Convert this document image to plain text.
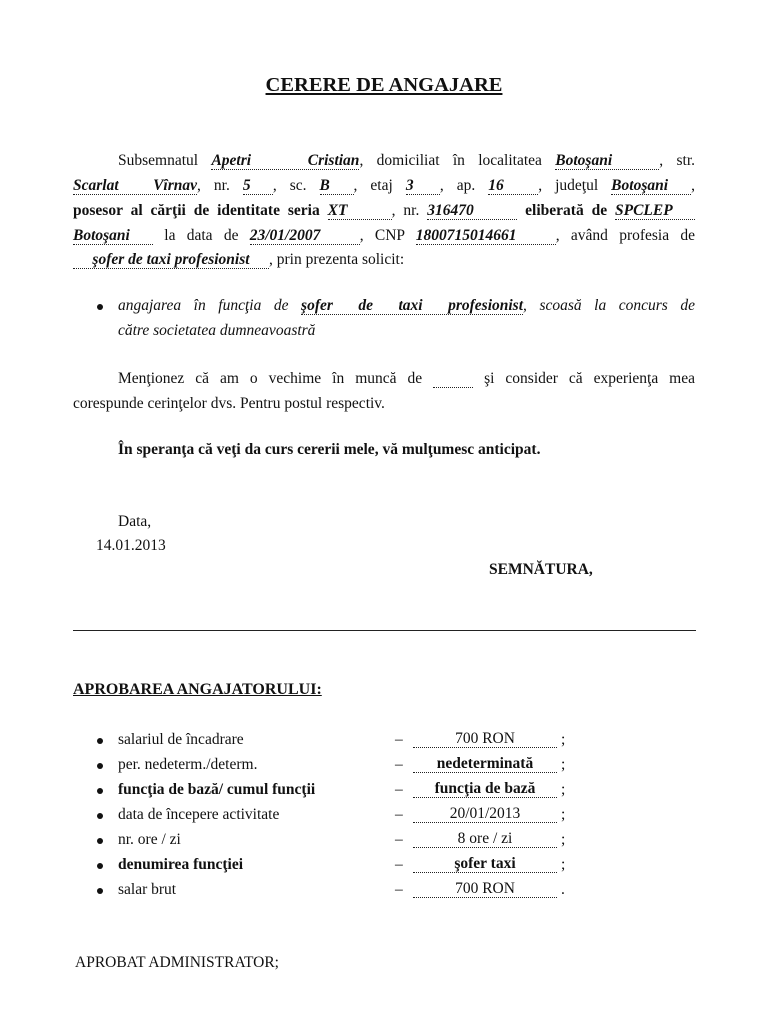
CERERE DE ANGAJARE
Subsemnatul Apetri Cristian, domiciliat în localitatea Botoşani	, str.
Scarlat Vîrnav, nr. 5 , sc. B , etaj 3 , ap. 16 , judeţul Botoşani ,
posesor al cărţii de identitate seria XT	, nr. 316470	eliberată de SPCLEP
Botoşani la data de 23/01/2007	, CNP 1800715014661	, având profesia de
şofer de taxi profesionist , prin prezenta solicit:
angajarea în funcţia de şofer de taxi profesionist, scoasă la concurs de
către societatea dumneavoastră
Menţionez că am o vechime în muncă de	şi consider că experienţa mea
corespunde cerinţelor dvs. Pentru postul respectiv.
În speranţa că veţi da curs cererii mele, vă mulţumesc anticipat.
Data,
14.01.2013
SEMNĂTURA,
APROBAREA ANGAJATORULUI:
salariul de încadrare	–	700 RON	;
per. nedeterm./determ.	–	nedeterminată	;
funcţia de bază/ cumul funcţii	–	funcţia de bază	;
data de începere activitate	–	20/01/2013	;
nr. ore / zi	–	8 ore / zi	;
denumirea funcţiei	–	şofer taxi	;
salar brut	–	700 RON	.
APROBAT ADMINISTRATOR;
